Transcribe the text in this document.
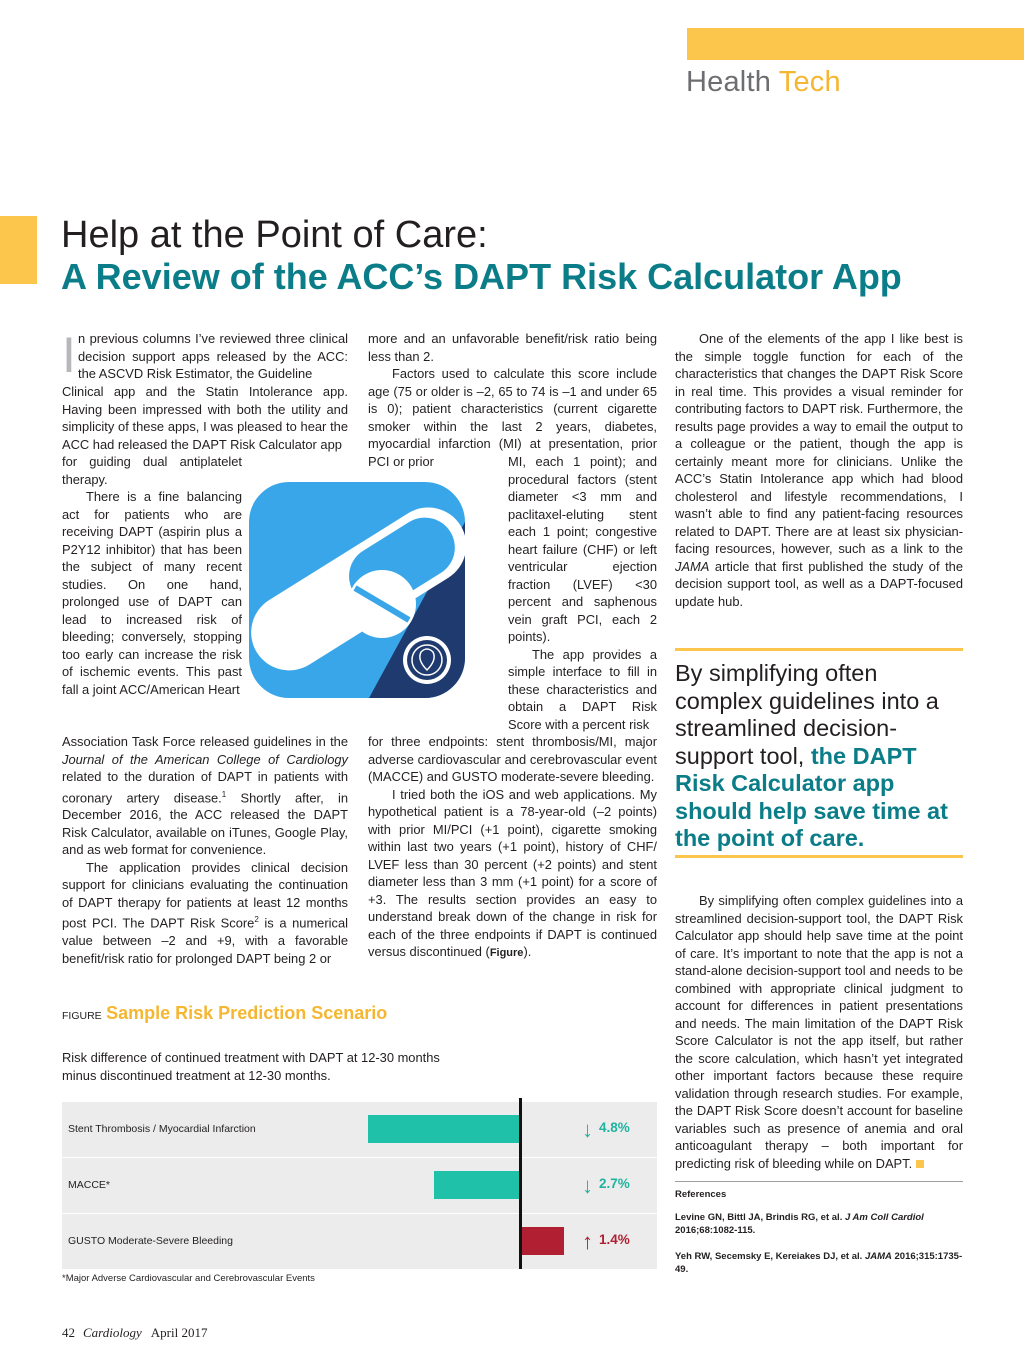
Health Tech
Help at the Point of Care:
A Review of the ACC’s DAPT Risk Calculator App
I n previous columns I’ve reviewed three clinical decision support apps released by the ACC: the ASCVD Risk Estimator, the Guideline

Clinical app and the Statin Intolerance app. Having been impressed with both the utility and simplicity of these apps, I was pleased to hear the ACC had released the DAPT Risk Calculator app

for guiding dual antiplatelet therapy.

There is a fine balancing act for patients who are receiving DAPT (aspirin plus a P2Y12 inhibitor) that has been the subject of many recent studies. On one hand, prolonged use of DAPT can lead to increased risk of bleeding; conversely, stopping too early can increase the risk of ischemic events. This past fall a joint ACC/American Heart

Association Task Force released guidelines in the Journal of the American College of Cardiology related to the duration of DAPT in patients with coronary artery disease.$^1$ Shortly after, in December 2016, the ACC released the DAPT Risk Calculator, available on iTunes, Google Play, and as web format for convenience.

The application provides clinical decision support for clinicians evaluating the continuation of DAPT therapy for patients at least 12 months post PCI. The DAPT Risk Score$^2$ is a numerical value between –2 and +9, with a favorable benefit/risk ratio for prolonged DAPT being 2 or

more and an unfavorable benefit/risk ratio being less than 2.

Factors used to calculate this score include age (75 or older is –2, 65 to 74 is –1 and under 65 is 0); patient characteristics (current cigarette smoker within the last 2 years, diabetes, myocardial infarction (MI) at presentation, prior PCI or prior	MI, each 1 point); and procedural factors (stent diameter <3 mm and paclitaxel-eluting stent each 1 point; congestive heart failure (CHF) or left ventricular ejection fraction (LVEF) <30 percent and saphenous vein graft PCI, each 2 points).

The app provides a simple interface to fill in these characteristics and obtain a DAPT Risk Score with a percent risk

for three endpoints: stent thrombosis/MI, major adverse cardiovascular and cerebrovascular event (MACCE) and GUSTO moderate-severe bleeding.

I tried both the iOS and web applications. My hypothetical patient is a 78-year-old (–2 points) with prior MI/PCI (+1 point), cigarette smoking within last two years (+1 point), history of CHF/ LVEF less than 30 percent (+2 points) and stent diameter less than 3 mm (+1 point) for a score of +3. The results section provides an easy to understand break down of the change in risk for each of the three endpoints if DAPT is continued versus discontinued (Figure).

One of the elements of the app I like best is the simple toggle function for each of the characteristics that changes the DAPT Risk Score in real time. This provides a visual reminder for contributing factors to DAPT risk. Furthermore, the results page provides a way to email the output to a colleague or the patient, though the app is certainly meant more for clinicians. Unlike the ACC’s Statin Intolerance app which had blood cholesterol and lifestyle recommendations, I wasn’t able to find any patient-facing resources related to DAPT. There are at least six physician-facing resources, however, such as a link to the JAMA article that first published the study of the decision support tool, as well as a DAPT-focused update hub.

By simplifying often complex guidelines into a streamlined decision-support tool, the DAPT Risk Calculator app should help save time at the point of care.

By simplifying often complex guidelines into a streamlined decision-support tool, the DAPT Risk Calculator app should help save time at the point of care. It’s important to note that the app is not a stand-alone decision-support tool and needs to be combined with appropriate clinical judgment to account for differences in patient presentations and needs. The main limitation of the DAPT Risk Score Calculator is not the app itself, but rather the score calculation, which hasn’t yet integrated other important factors because these require validation through research studies. For example, the DAPT Risk Score doesn’t account for baseline variables such as presence of anemia and oral anticoagulant therapy – both important for predicting risk of bleeding while on DAPT.

References
Levine GN, Bittl JA, Brindis RG, et al. J Am Coll Cardiol 2016;68:1082-115.
Yeh RW, Secemsky E, Kereiakes DJ, et al. JAMA 2016;315:1735-49.
FIGURE Sample Risk Prediction Scenario
Risk difference of continued treatment with DAPT at 12-30 months minus discontinued treatment at 12-30 months.
Stent Thrombosis / Myocardial Infarction	↓ 4.8%
MACCE*	↓ 2.7%
GUSTO Moderate-Severe Bleeding	↑ 1.4%
*Major Adverse Cardiovascular and Cerebrovascular Events
42 Cardiology April 2017
